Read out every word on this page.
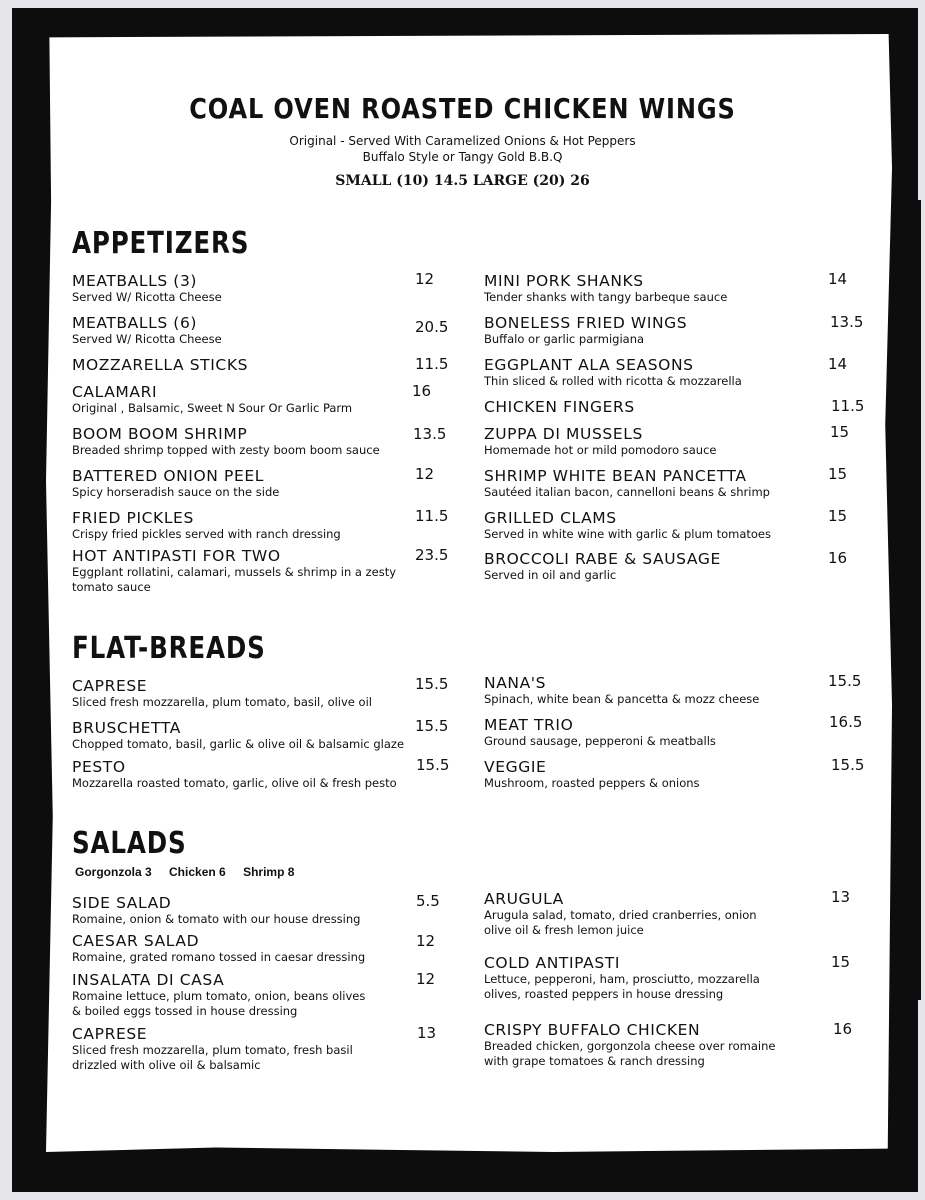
COAL OVEN ROASTED CHICKEN WINGS
Original - Served With Caramelized Onions & Hot Peppers
Buffalo Style or Tangy Gold B.B.Q
SMALL (10) 14.5 LARGE (20) 26
APPETIZERS
FLAT-BREADS
SALADS
Gorgonzola 3 Chicken 6 Shrimp 8
MEATBALLS (3)
Served W/ Ricotta Cheese
12
MEATBALLS (6)
Served W/ Ricotta Cheese
20.5
MOZZARELLA STICKS	11.5
CALAMARI
Original , Balsamic, Sweet N Sour Or Garlic Parm
16
BOOM BOOM SHRIMP
Breaded shrimp topped with zesty boom boom sauce
13.5
BATTERED ONION PEEL
Spicy horseradish sauce on the side
12
FRIED PICKLES
Crispy fried pickles served with ranch dressing
11.5
HOT ANTIPASTI FOR TWO
Eggplant rollatini, calamari, mussels & shrimp in a zesty
tomato sauce
23.5
MINI PORK SHANKS
Tender shanks with tangy barbeque sauce
14
BONELESS FRIED WINGS
Buffalo or garlic parmigiana
13.5
EGGPLANT ALA SEASONS
Thin sliced & rolled with ricotta & mozzarella
14
CHICKEN FINGERS	11.5
ZUPPA DI MUSSELS
Homemade hot or mild pomodoro sauce
15
SHRIMP WHITE BEAN PANCETTA
Sautéed italian bacon, cannelloni beans & shrimp
15
GRILLED CLAMS
Served in white wine with garlic & plum tomatoes
15
BROCCOLI RABE & SAUSAGE
Served in oil and garlic
16
CAPRESE
Sliced fresh mozzarella, plum tomato, basil, olive oil
15.5
BRUSCHETTA
Chopped tomato, basil, garlic & olive oil & balsamic glaze
15.5
PESTO
Mozzarella roasted tomato, garlic, olive oil & fresh pesto
15.5
NANA'S
Spinach, white bean & pancetta & mozz cheese
15.5
MEAT TRIO
Ground sausage, pepperoni & meatballs
16.5
VEGGIE
Mushroom, roasted peppers & onions
15.5
SIDE SALAD
Romaine, onion & tomato with our house dressing
5.5
CAESAR SALAD
Romaine, grated romano tossed in caesar dressing
12
INSALATA DI CASA
Romaine lettuce, plum tomato, onion, beans olives
& boiled eggs tossed in house dressing
12
CAPRESE
Sliced fresh mozzarella, plum tomato, fresh basil
drizzled with olive oil & balsamic
13
ARUGULA
Arugula salad, tomato, dried cranberries, onion
olive oil & fresh lemon juice
13
COLD ANTIPASTI
Lettuce, pepperoni, ham, prosciutto, mozzarella
olives, roasted peppers in house dressing
15
CRISPY BUFFALO CHICKEN
Breaded chicken, gorgonzola cheese over romaine
with grape tomatoes & ranch dressing
16
